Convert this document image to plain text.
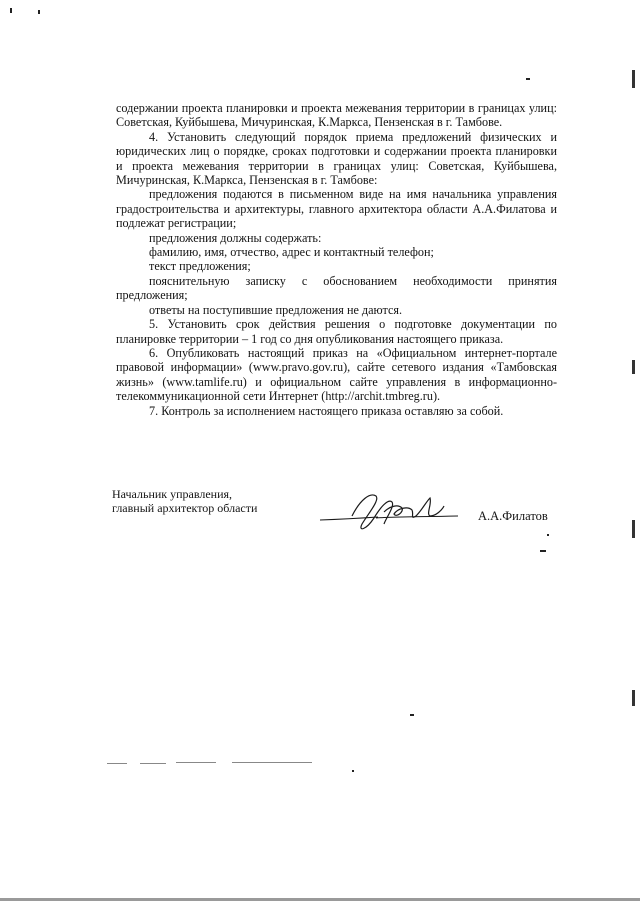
содержании проекта планировки и проекта межевания территории в границах улиц: Советская, Куйбышева, Мичуринская, К.Маркса, Пензенская в г. Тамбове.

4. Установить следующий порядок приема предложений физических и юридических лиц о порядке, сроках подготовки и содержании проекта планировки и проекта межевания территории в границах улиц: Советская, Куйбышева, Мичуринская, К.Маркса, Пензенская в г. Тамбове:

предложения подаются в письменном виде на имя начальника управления градостроительства и архитектуры, главного архитектора области А.А.Филатова и подлежат регистрации;

предложения должны содержать:

фамилию, имя, отчество, адрес и контактный телефон;

текст предложения;

пояснительную записку с обоснованием необходимости принятия предложения;

ответы на поступившие предложения не даются.

5. Установить срок действия решения о подготовке документации по планировке территории – 1 год со дня опубликования настоящего приказа.

6. Опубликовать настоящий приказ на «Официальном интернет-портале правовой информации» (www.pravo.gov.ru), сайте сетевого издания «Тамбовская жизнь» (www.tamlife.ru) и официальном сайте управления в информационно-телекоммуникационной сети Интернет (http://archit.tmbreg.ru).

7. Контроль за исполнением настоящего приказа оставляю за собой.

Начальник управления,
главный архитектор области
А.А.Филатов
